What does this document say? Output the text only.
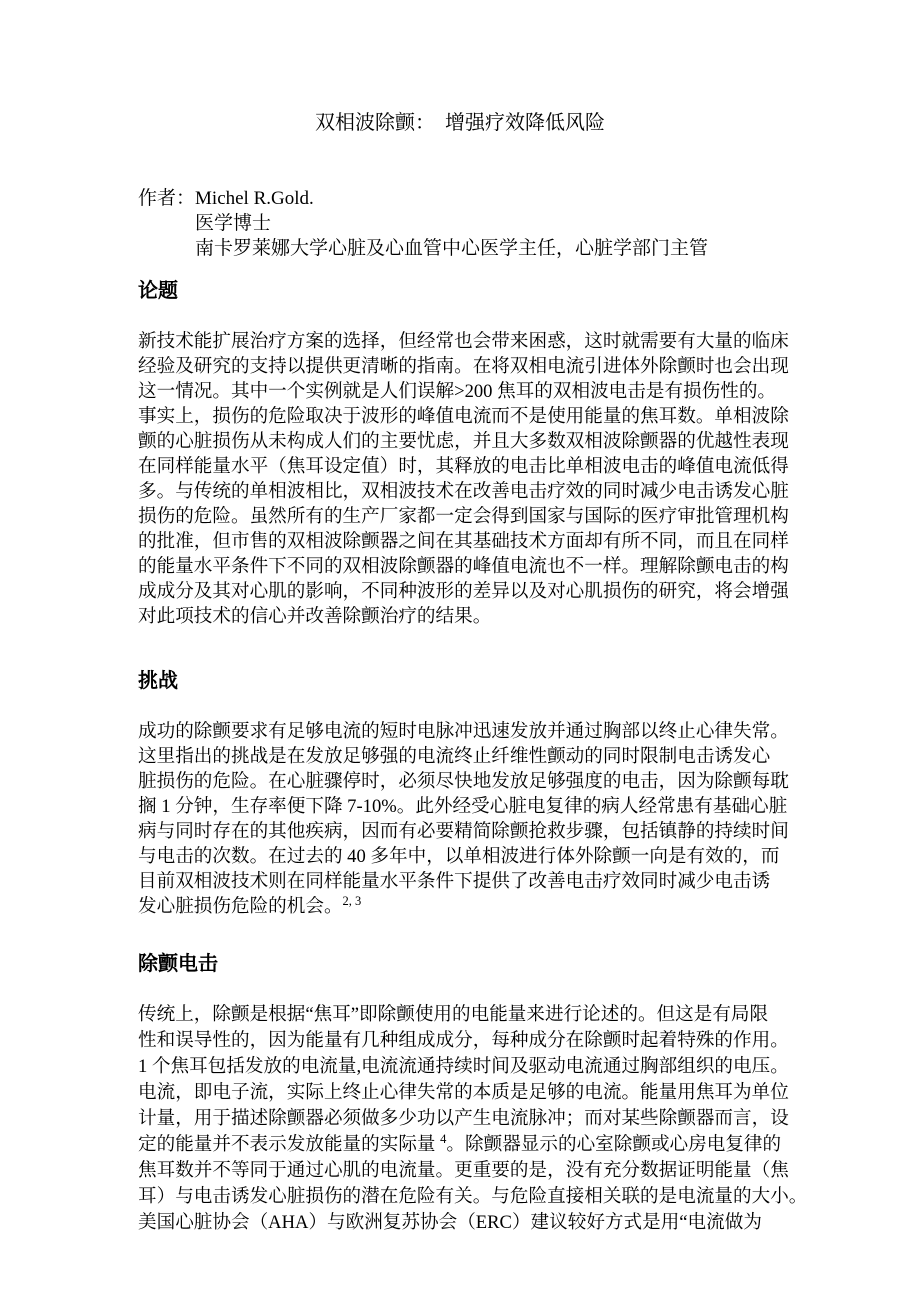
双相波除颤：  增强疗效降低风险
作者： Michel R.Gold.
医学博士
南卡罗莱娜大学心脏及心血管中心医学主任，心脏学部门主管
论题
新技术能扩展治疗方案的选择，但经常也会带来困惑，这时就需要有大量的临床
经验及研究的支持以提供更清晰的指南。在将双相电流引进体外除颤时也会出现
这一情况。其中一个实例就是人们误解>200 焦耳的双相波电击是有损伤性的。
事实上，损伤的危险取决于波形的峰值电流而不是使用能量的焦耳数。单相波除
颤的心脏损伤从未构成人们的主要忧虑，并且大多数双相波除颤器的优越性表现
在同样能量水平（焦耳设定值）时，其释放的电击比单相波电击的峰值电流低得
多。与传统的单相波相比，双相波技术在改善电击疗效的同时减少电击诱发心脏
损伤的危险。虽然所有的生产厂家都一定会得到国家与国际的医疗审批管理机构
的批准，但市售的双相波除颤器之间在其基础技术方面却有所不同，而且在同样
的能量水平条件下不同的双相波除颤器的峰值电流也不一样。理解除颤电击的构
成成分及其对心肌的影响，不同种波形的差异以及对心肌损伤的研究，将会增强
对此项技术的信心并改善除颤治疗的结果。
挑战
成功的除颤要求有足够电流的短时电脉冲迅速发放并通过胸部以终止心律失常。
这里指出的挑战是在发放足够强的电流终止纤维性颤动的同时限制电击诱发心
脏损伤的危险。在心脏骤停时，必须尽快地发放足够强度的电击，因为除颤每耽
搁 1 分钟，生存率便下降 7-10%。此外经受心脏电复律的病人经常患有基础心脏
病与同时存在的其他疾病，因而有必要精简除颤抢救步骤，包括镇静的持续时间
与电击的次数。在过去的 40 多年中，以单相波进行体外除颤一向是有效的，而
目前双相波技术则在同样能量水平条件下提供了改善电击疗效同时减少电击诱
发心脏损伤危险的机会。$^{2, 3}$
除颤电击
传统上，除颤是根据“焦耳”即除颤使用的电能量来进行论述的。但这是有局限
性和误导性的，因为能量有几种组成成分，每种成分在除颤时起着特殊的作用。
1 个焦耳包括发放的电流量,电流流通持续时间及驱动电流通过胸部组织的电压。
电流，即电子流，实际上终止心律失常的本质是足够的电流。能量用焦耳为单位
计量，用于描述除颤器必须做多少功以产生电流脉冲；而对某些除颤器而言，设
定的能量并不表示发放能量的实际量 $^4$。除颤器显示的心室除颤或心房电复律的
焦耳数并不等同于通过心肌的电流量。更重要的是，没有充分数据证明能量（焦
耳）与电击诱发心脏损伤的潜在危险有关。与危险直接相关联的是电流量的大小。
美国心脏协会（AHA）与欧洲复苏协会（ERC）建议较好方式是用“电流做为
